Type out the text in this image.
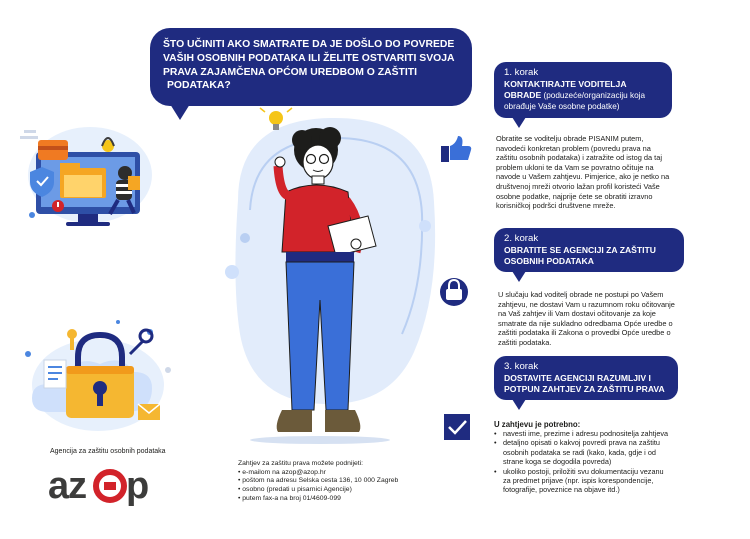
ŠTO UČINITI AKO SMATRATE DA JE DOŠLO DO POVREDE
VAŠIH OSOBNIH PODATAKA ILI ŽELITE OSTVARITI SVOJA
PRAVA ZAJAMČENA OPĆOM UREDBOM O ZAŠTITI
PODATAKA?
1. korak
KONTAKTIRAJTE VODITELJA
OBRADE (poduzeće/organizaciju koja
obrađuje Vaše osobne podatke)
Obratite se voditelju obrade PISANIM putem,
navodeći konkretan problem (povredu prava na
zaštitu osobnih podataka) i zatražite od istog da taj
problem ukloni te da Vam se povratno očituje na
navode u Vašem zahtjevu. Pimjerice, ako je netko na
društvenoj mreži otvorio lažan profil koristeći Vaše
osobne podatke, najprije ćete se obratiti izravno
korisničkoj podršci društvene mreže.
2. korak
OBRATITE SE AGENCIJI ZA ZAŠTITU
OSOBNIH PODATAKA
U slučaju kad voditelj obrade ne postupi po Vašem
zahtjevu, ne dostavi Vam u razumnom roku očitovanje
na Vaš zahtjev ili Vam dostavi očitovanje za koje
smatrate da nije sukladno odredbama Opće uredbe o
zaštiti podataka ili Zakona o provedbi Opće uredbe o
zaštiti podataka.
3. korak
DOSTAVITE AGENCIJI RAZUMLJIV I
POTPUN ZAHTJEV ZA ZAŠTITU PRAVA
U zahtjevu je potrebno:
• navesti ime, prezime i adresu podnositelja zahtjeva
• detaljno opisati o kakvoj povredi prava na zaštitu
osobnih podataka se radi (kako, kada, gdje i od
strane koga se dogodila povreda)
• ukoliko postoji, priložiti svu dokumentaciju vezanu
za predmet prijave (npr. ispis korespondencije,
fotografije, poveznice na objave itd.)
Zahtjev za zaštitu prava možete podnijeti:
• e-mailom na azop@azop.hr
• poštom na adresu Selska cesta 136, 10 000 Zagreb
• osobno (predati u pisarnici Agencije)
• putem fax-a na broj 01/4609-099
Agencija za zaštitu osobnih podataka
az p
